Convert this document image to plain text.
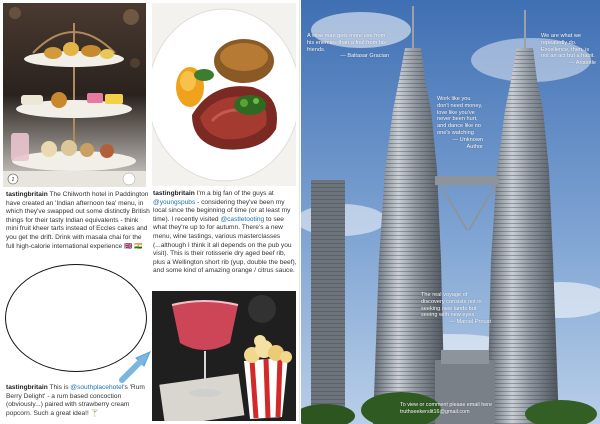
2
tastingbritain The Chilworth hotel in Paddington have created an 'Indian afternoon tea' menu, in which they've swapped out some distinctly British things for their tasty Indian equivalents - think mini fruit kheer tarts instead of Eccles cakes and you get the drift. Drink with masala chai for the full high-calorie international experience 🇬🇧 🇮🇳
tastingbritain I'm a big fan of the guys at @youngspubs - considering they've been my local since the beginning of time (or at least my time). I recently visited @castletooting to see what they're up to for autumn. There's a new menu, wine tastings, various masterclasses (...although I think it all depends on the pub you visit). This is their rotisserie dry aged beef rib, plus a Wellington short rib (yup, double the beef), and some kind of amazing orange / citrus sauce.
tastingbritain This is @southplacehotel's 'Rum Berry Delight' - a rum based concoction (obviously...) paired with strawberry cream popcorn. Such a great idea!! 🍸
A wise man gets more use from his enemies than a fool from his friends.
— Baltasar Gracian
We are what we repeatedly do. Excellence, then, is not an act but a habit.
— Aristotle
Work like you don't need money, love like you've never been hurt, and dance like no one's watching
— Unknown Author
The real voyage of discovery consists not in seeking new lands but seeing with new eyes.
— Marcel Proust
To view or comment please email here
truthseekerslit16@gmail.com
